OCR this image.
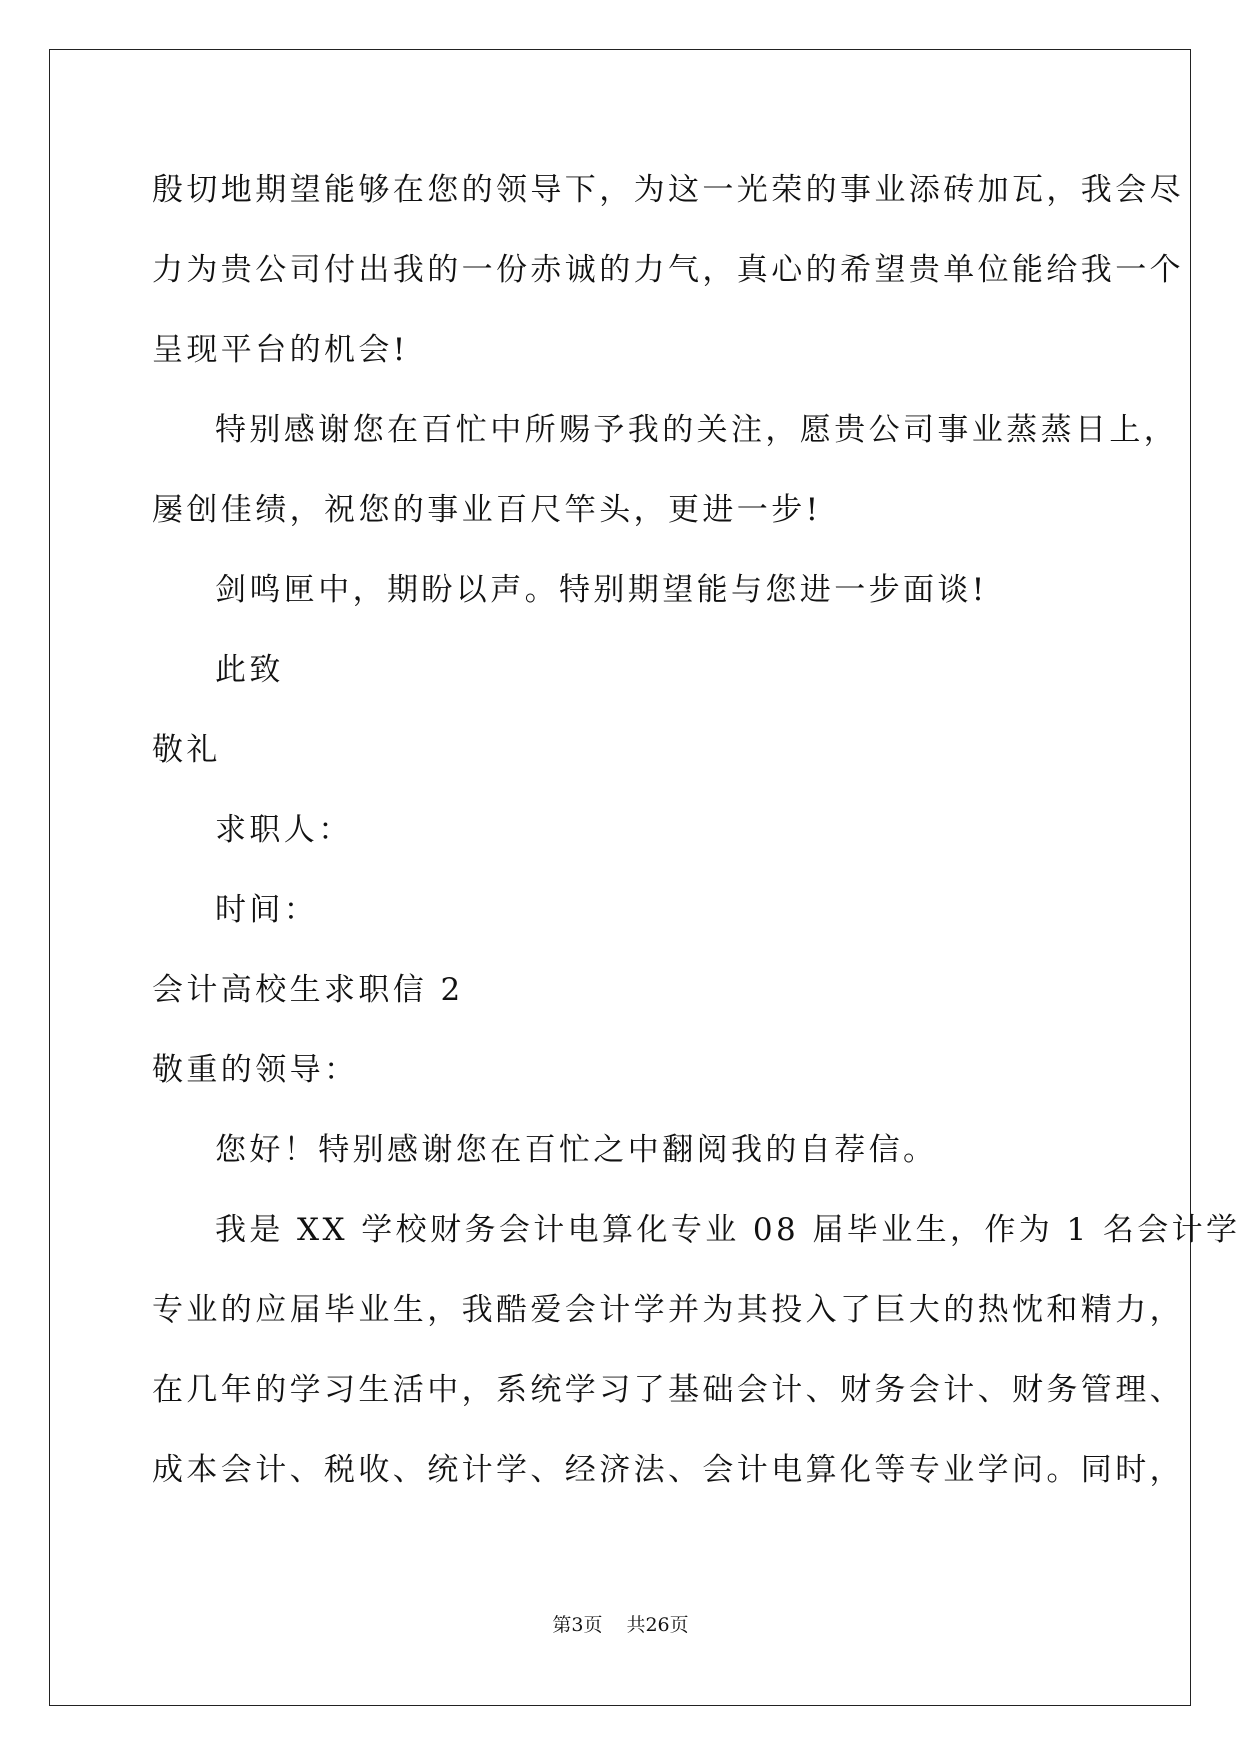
殷切地期望能够在您的领导下，为这一光荣的事业添砖加瓦，我会尽
力为贵公司付出我的一份赤诚的力气，真心的希望贵单位能给我一个
呈现平台的机会!
特别感谢您在百忙中所赐予我的关注，愿贵公司事业蒸蒸日上，
屡创佳绩，祝您的事业百尺竿头，更进一步!
剑鸣匣中，期盼以声。特别期望能与您进一步面谈!
此致
敬礼
求职人：
时间：
会计高校生求职信 2
敬重的领导：
您好！特别感谢您在百忙之中翻阅我的自荐信。
我是 XX 学校财务会计电算化专业 08 届毕业生，作为 1 名会计学
专业的应届毕业生，我酷爱会计学并为其投入了巨大的热忱和精力，
在几年的学习生活中，系统学习了基础会计、财务会计、财务管理、
成本会计、税收、统计学、经济法、会计电算化等专业学问。同时，
第3页 共26页
